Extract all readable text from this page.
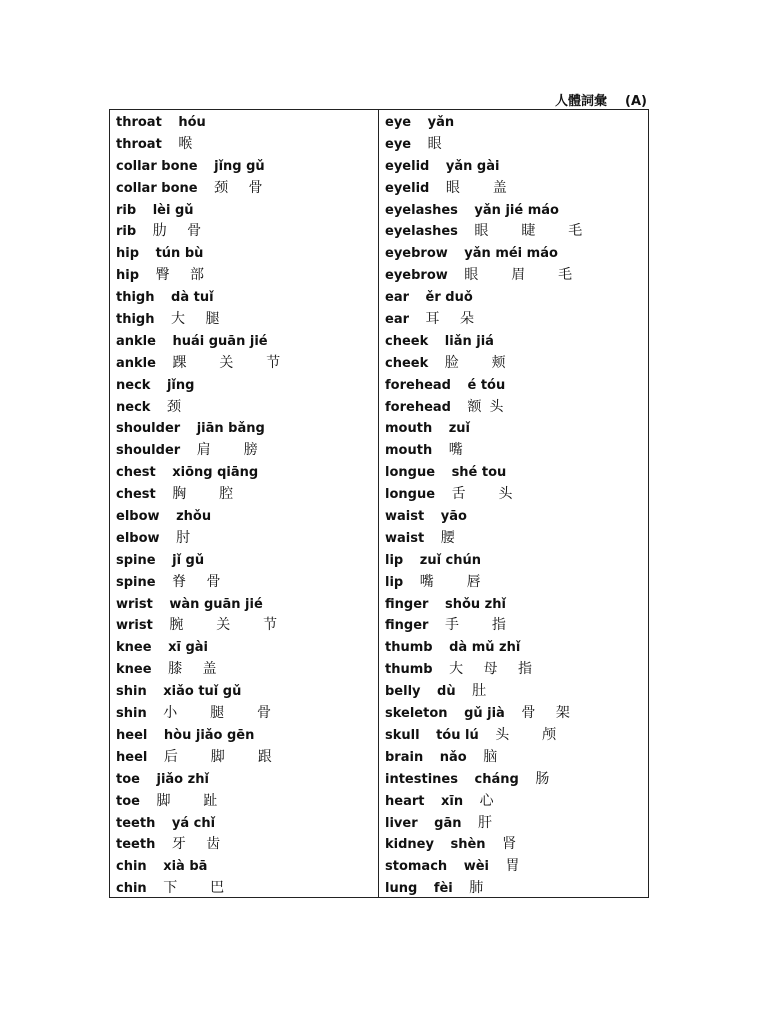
人體詞彙    (A)
throat hóu
throat 喉
collar bone jǐng gǔ
collar bone 颈 骨
rib lèi gǔ
rib 肋 骨
hip tún bù
hip 臀 部
thigh dà tuǐ
thigh 大 腿
ankle huái guān jié
ankle 踝  关  节
neck jǐng
neck 颈
shoulder jiān bǎng
shoulder 肩  膀
chest xiōng qiāng
chest 胸  腔
elbow zhǒu
elbow 肘
spine jǐ gǔ
spine 脊 骨
wrist wàn guān jié
wrist 腕  关  节
knee xī gài
knee 膝 盖
shin xiǎo tuǐ gǔ
shin 小  腿  骨
heel hòu jiǎo gēn
heel 后  脚  跟
toe jiǎo zhǐ
toe 脚  趾
teeth yá chǐ
teeth 牙 齿
chin xià bā
chin 下  巴
eye yǎn
eye 眼
eyelid yǎn gài
eyelid 眼  盖
eyelashes yǎn jié máo
eyelashes 眼  睫  毛
eyebrow yǎn méi máo
eyebrow 眼  眉  毛
ear ěr duǒ
ear 耳 朵
cheek liǎn jiá
cheek 脸  颊
forehead é tóu
forehead 额头
mouth zuǐ
mouth 嘴
longue shé tou
longue 舌  头
waist yāo
waist 腰
lip zuǐ chún
lip 嘴  唇
finger shǒu zhǐ
finger 手  指
thumb dà mǔ zhǐ
thumb 大 母 指
belly dù 肚
skeleton gǔ jià 骨 架
skull tóu lú 头  颅
brain nǎo 脑
intestines cháng 肠
heart xīn 心
liver gān 肝
kidney shèn 肾
stomach wèi 胃
lung fèi 肺
